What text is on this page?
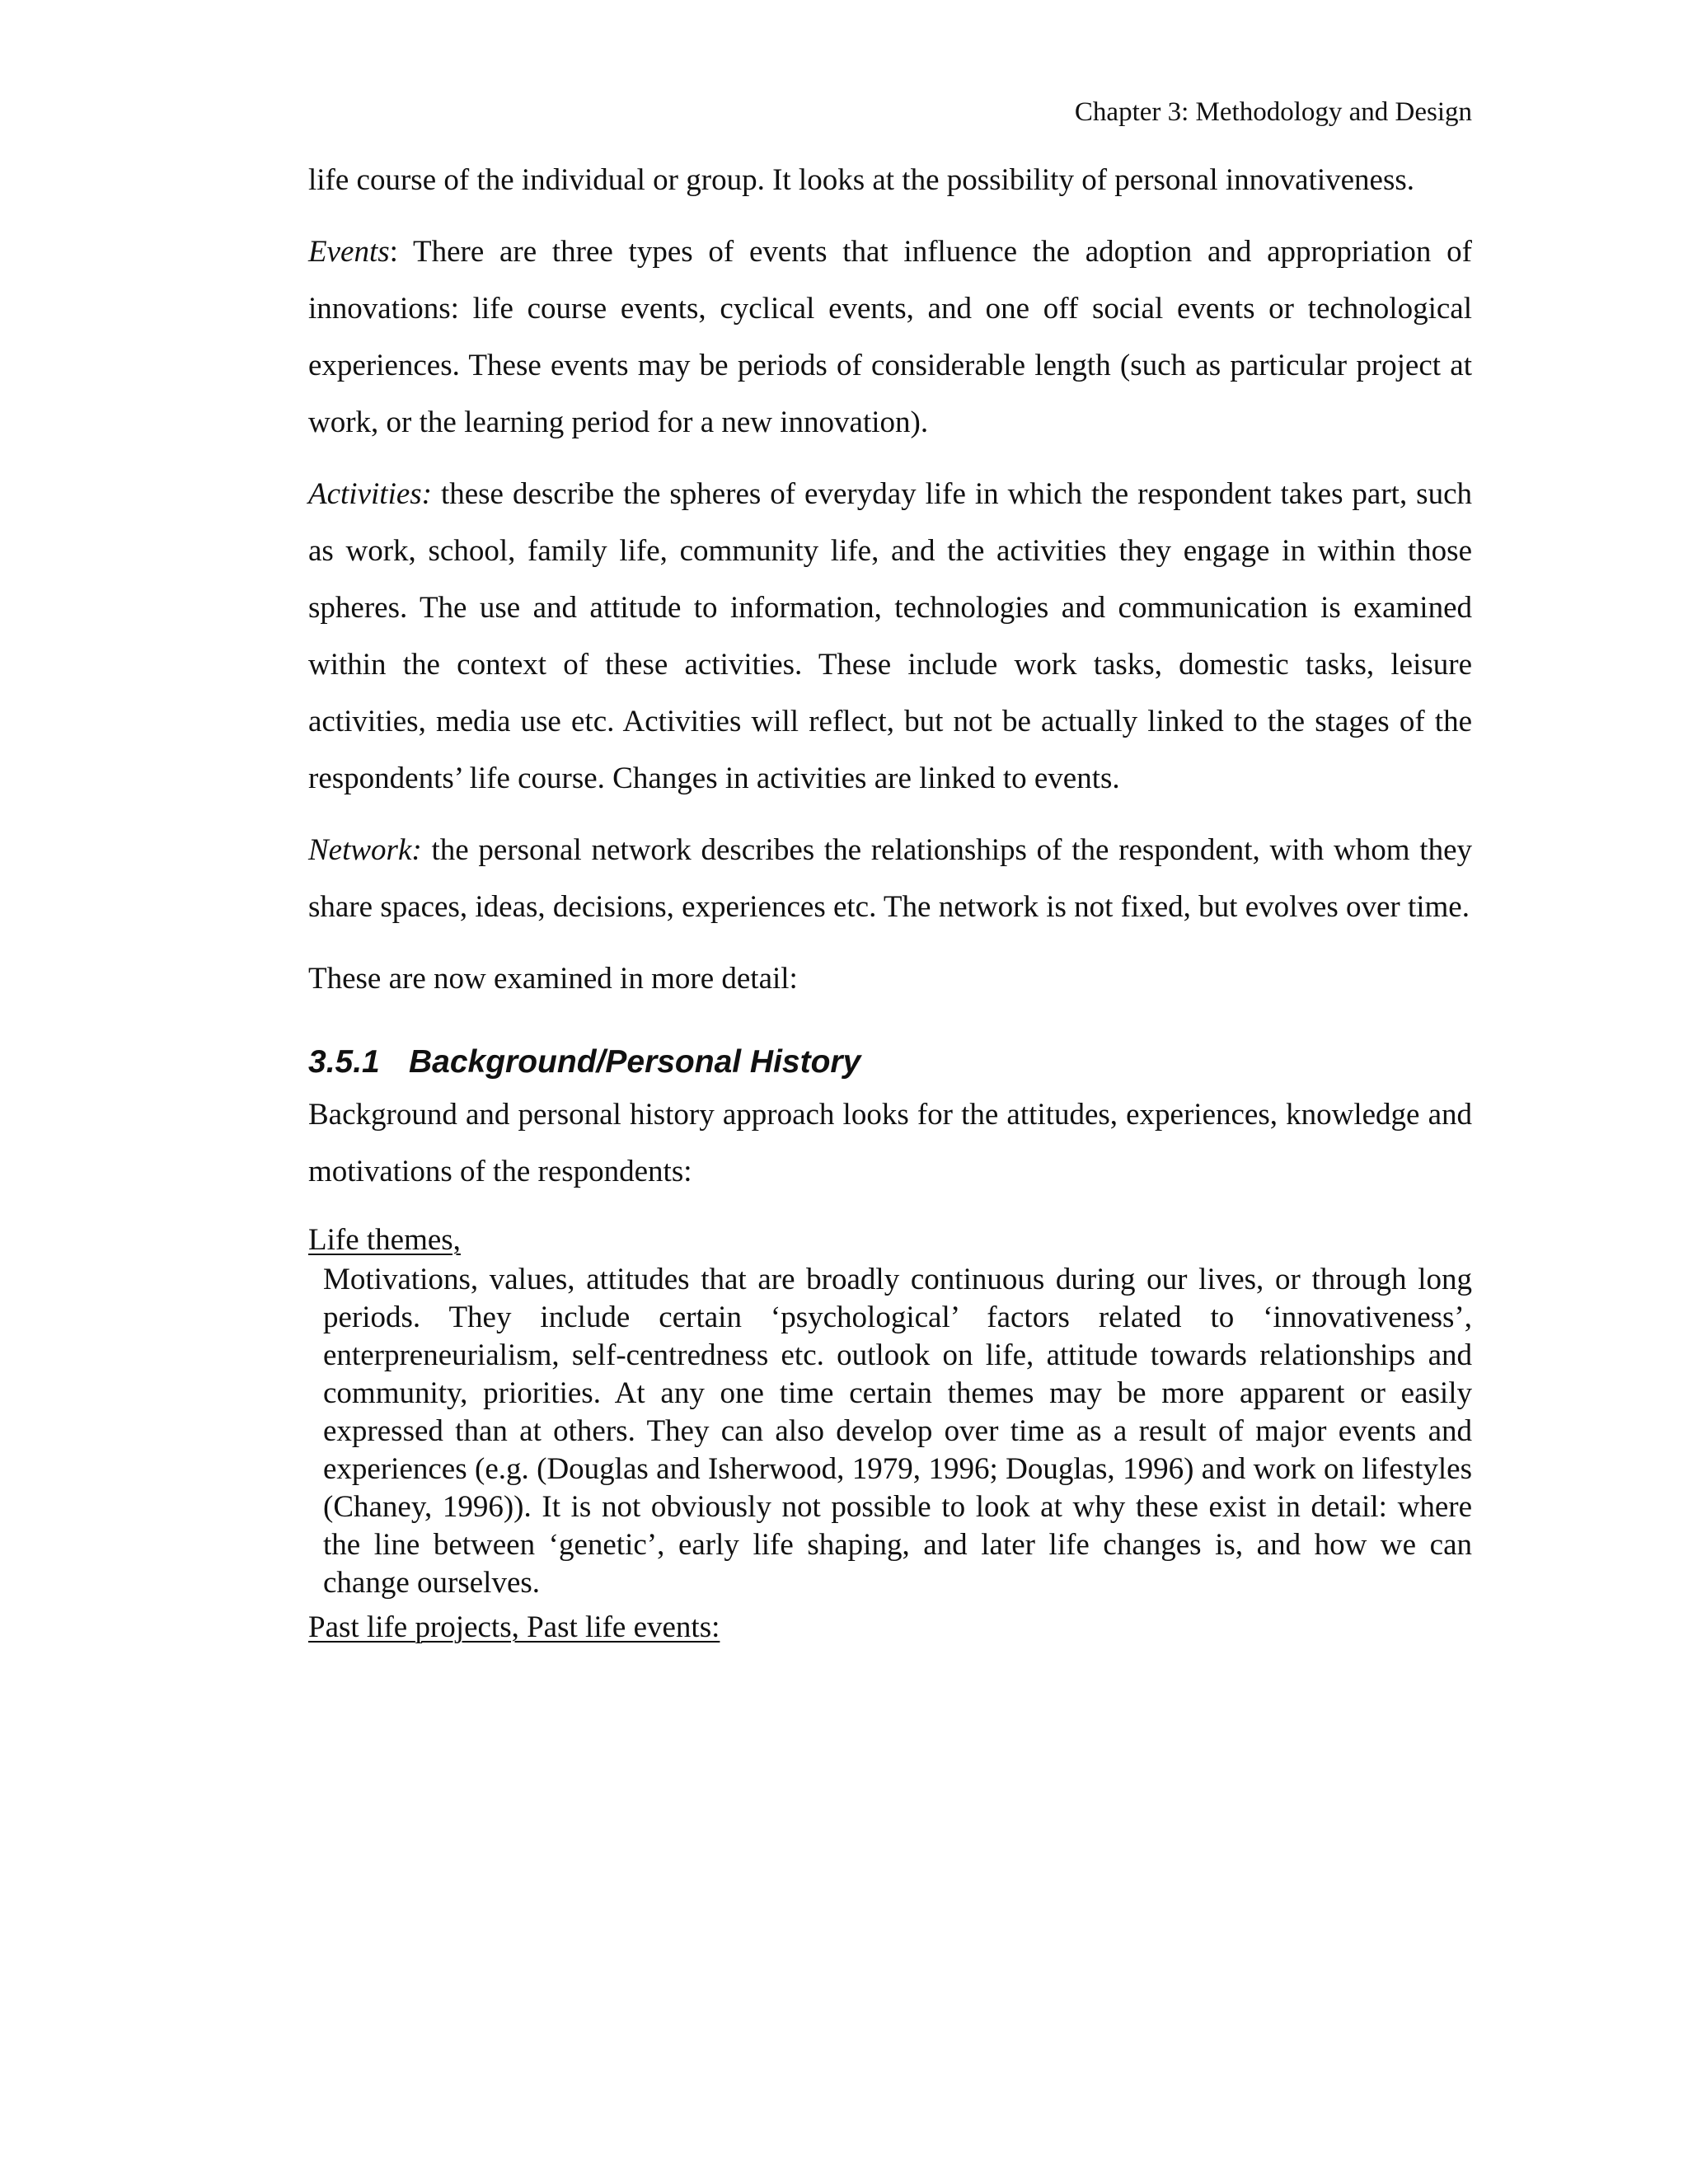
Chapter 3: Methodology and Design

life course of the individual or group. It looks at the possibility of personal innovativeness.

Events: There are three types of events that influence the adoption and appropriation of innovations: life course events, cyclical events, and one off social events or technological experiences. These events may be periods of considerable length (such as particular project at work, or the learning period for a new innovation).

Activities: these describe the spheres of everyday life in which the respondent takes part, such as work, school, family life, community life, and the activities they engage in within those spheres. The use and attitude to information, technologies and communication is examined within the context of these activities. These include work tasks, domestic tasks, leisure activities, media use etc. Activities will reflect, but not be actually linked to the stages of the respondents’ life course. Changes in activities are linked to events.

Network: the personal network describes the relationships of the respondent, with whom they share spaces, ideas, decisions, experiences etc. The network is not fixed, but evolves over time.

These are now examined in more detail:

3.5.1 Background/Personal History

Background and personal history approach looks for the attitudes, experiences, knowledge and motivations of the respondents:

Life themes,

Motivations, values, attitudes that are broadly continuous during our lives, or through long periods. They include certain ‘psychological’ factors related to ‘innovativeness’, enterpreneurialism, self-centredness etc. outlook on life, attitude towards relationships and community, priorities. At any one time certain themes may be more apparent or easily expressed than at others. They can also develop over time as a result of major events and experiences (e.g. (Douglas and Isherwood, 1979, 1996; Douglas, 1996) and work on lifestyles (Chaney, 1996)). It is not obviously not possible to look at why these exist in detail: where the line between ‘genetic’, early life shaping, and later life changes is, and how we can change ourselves.

Past life projects, Past life events:
